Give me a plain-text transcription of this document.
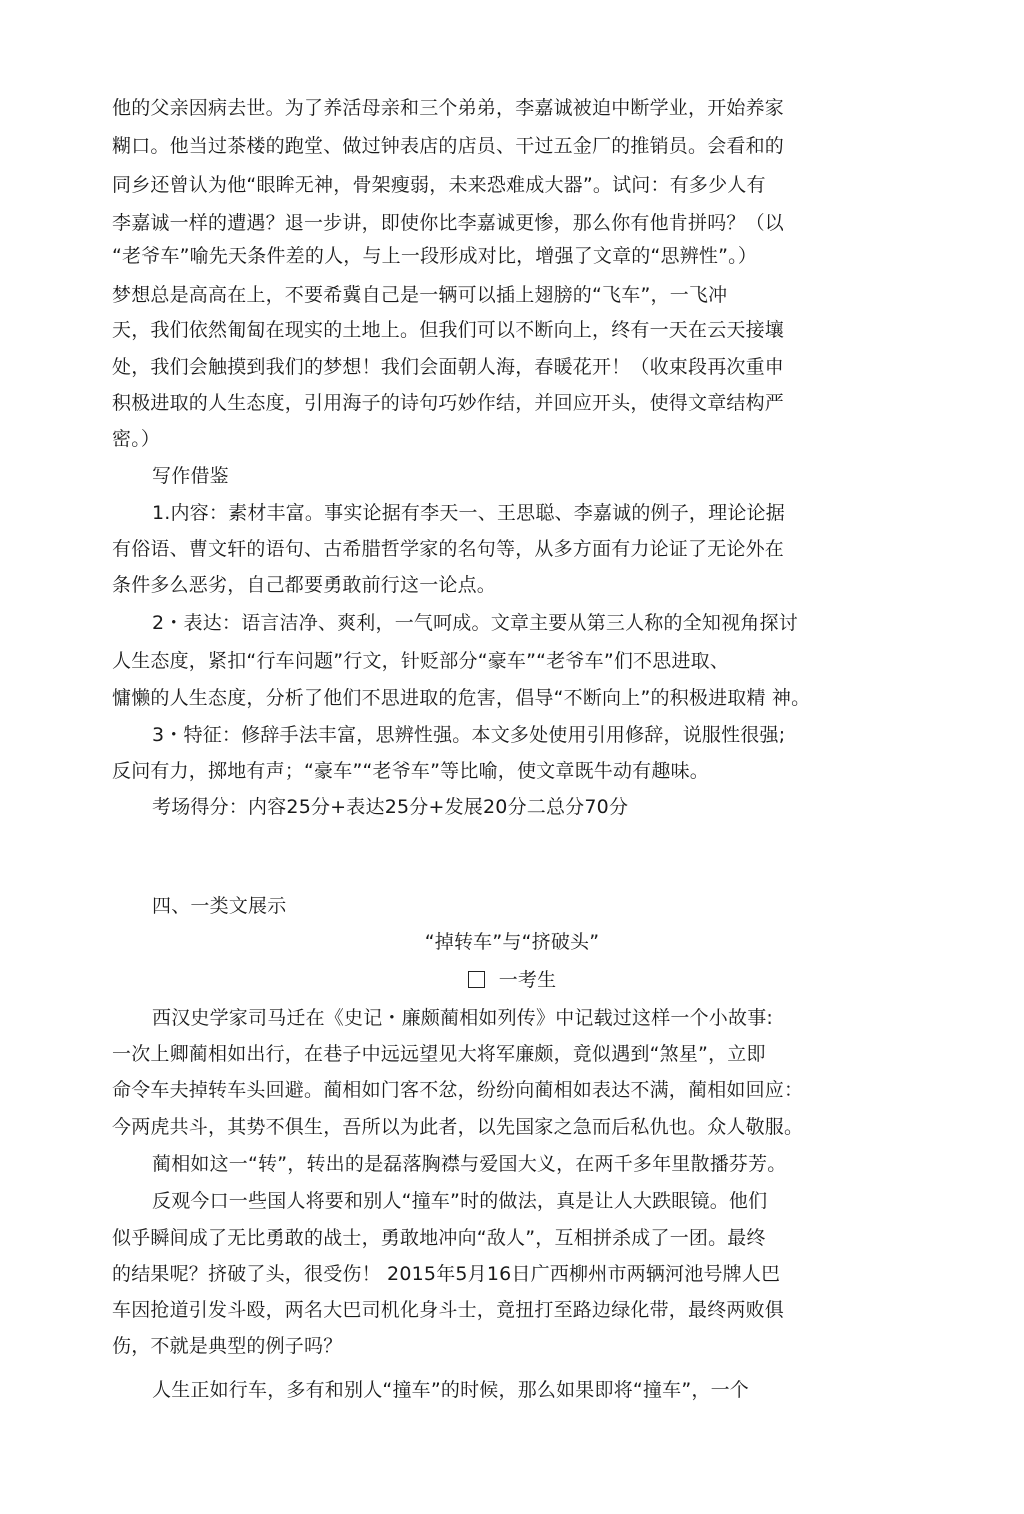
他的父亲因病去世。为了养活母亲和三个弟弟，李嘉诚被迫中断学业，开始养家
糊口。他当过茶楼的跑堂、做过钟表店的店员、干过五金厂的推销员。会看和的
同乡还曾认为他“眼眸无神，骨架瘦弱，未来恐难成大器”。试问：有多少人有
李嘉诚一样的遭遇？退一步讲，即使你比李嘉诚更惨，那么你有他肯拼吗？（以
“老爷车”喻先天条件差的人，与上一段形成对比，增强了文章的“思辨性”。）
梦想总是高高在上，不要希冀自己是一辆可以插上翅膀的“飞车”，一飞冲
天，我们依然匍匐在现实的土地上。但我们可以不断向上，终有一天在云天接壤
处，我们会触摸到我们的梦想！我们会面朝人海，春暖花开！（收束段再次重申
积极进取的人生态度，引用海子的诗句巧妙作结，并回应开头，使得文章结构严
密。）
写作借鉴
1.内容：素材丰富。事实论据有李天一、王思聪、李嘉诚的例子，理论论据
有俗语、曹文轩的语句、古希腊哲学家的名句等，从多方面有力论证了无论外在
条件多么恶劣，自己都要勇敢前行这一论点。
2・表达：语言洁净、爽利，一气呵成。文章主要从第三人称的全知视角探讨
人生态度，紧扣“行车问题”行文，针贬部分“豪车”“老爷车”们不思进取、
慵懒的人生态度，分析了他们不思进取的危害，倡导“不断向上”的积极进取精 神。
3・特征：修辞手法丰富，思辨性强。本文多处使用引用修辞，说服性很强;
反问有力，掷地有声；“豪车”“老爷车”等比喻，使文章既牛动有趣味。
考场得分：内容25分+表达25分+发展20分二总分70分
四、一类文展示
“掉转车”与“挤破头”
一考生
西汉史学家司马迁在《史记・廉颇蔺相如列传》中记载过这样一个小故事:
一次上卿蔺相如出行，在巷子中远远望见大将军廉颇，竟似遇到“煞星”，立即
命令车夫掉转车头回避。蔺相如门客不忿，纷纷向蔺相如表达不满，蔺相如回应：
今两虎共斗，其势不俱生，吾所以为此者，以先国家之急而后私仇也。众人敬服。
蔺相如这一“转”，转出的是磊落胸襟与爱国大义，在两千多年里散播芬芳。
反观今口一些国人将要和别人“撞车”时的做法，真是让人大跌眼镜。他们
似乎瞬间成了无比勇敢的战士，勇敢地冲向“敌人”，互相拼杀成了一团。最终
的结果呢？挤破了头，很受伤！ 2015年5月16日广西柳州市两辆河池号牌人巴
车因抢道引发斗殴，两名大巴司机化身斗士，竟扭打至路边绿化带，最终两败俱
伤，不就是典型的例子吗？
人生正如行车，多有和别人“撞车”的时候，那么如果即将“撞车”，一个
